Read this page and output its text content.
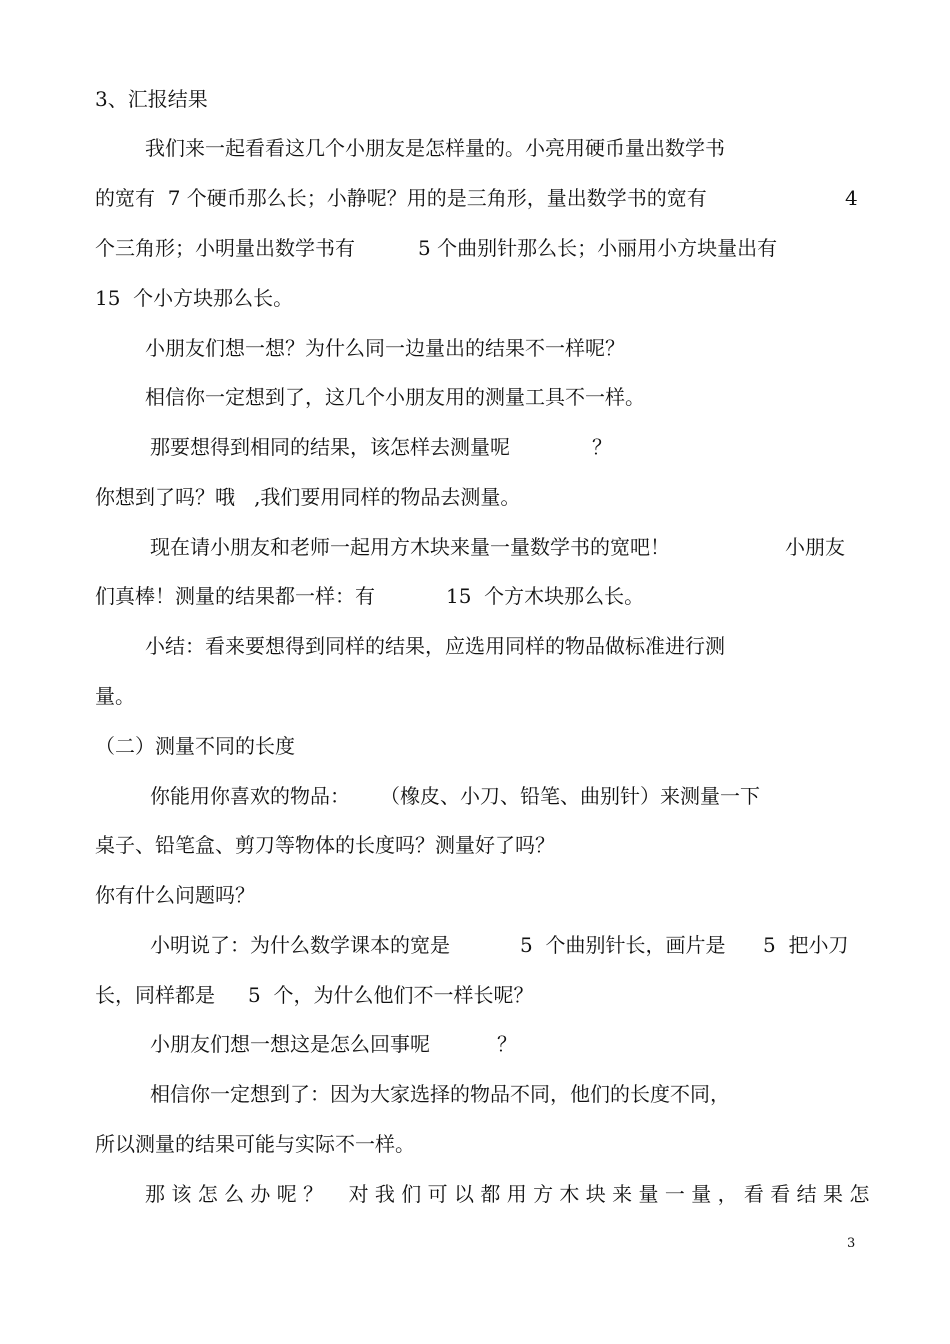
3、汇报结果
我们来一起看看这几个小朋友是怎样量的。小亮用硬币量出数学书
的宽有  7 个硬币那么长；小静呢？用的是三角形，量出数学书的宽有	4
个三角形；小明量出数学书有	5 个曲别针那么长；小丽用小方块量出有
15  个小方块那么长。
小朋友们想一想？为什么同一边量出的结果不一样呢？
相信你一定想到了，这几个小朋友用的测量工具不一样。
那要想得到相同的结果，该怎样去测量呢	？
你想到了吗？哦   ,我们要用同样的物品去测量。
现在请小朋友和老师一起用方木块来量一量数学书的宽吧！	小朋友
们真棒！测量的结果都一样：有	15  个方木块那么长。
小结：看来要想得到同样的结果，应选用同样的物品做标准进行测
量。
（二）测量不同的长度
你能用你喜欢的物品： （橡皮、小刀、铅笔、曲别针）来测量一下
桌子、铅笔盒、剪刀等物体的长度吗？测量好了吗？
你有什么问题吗？
小明说了：为什么数学课本的宽是	5  个曲别针长，画片是 5  把小刀
长，同样都是 5  个，为什么他们不一样长呢？
小朋友们想一想这是怎么回事呢	？
相信你一定想到了：因为大家选择的物品不同，他们的长度不同，
所以测量的结果可能与实际不一样。
那 该 怎 么 办 呢 ？    对 我 们 可 以 都 用 方 木 块 来 量 一 量 ， 看 看 结 果 怎
3
